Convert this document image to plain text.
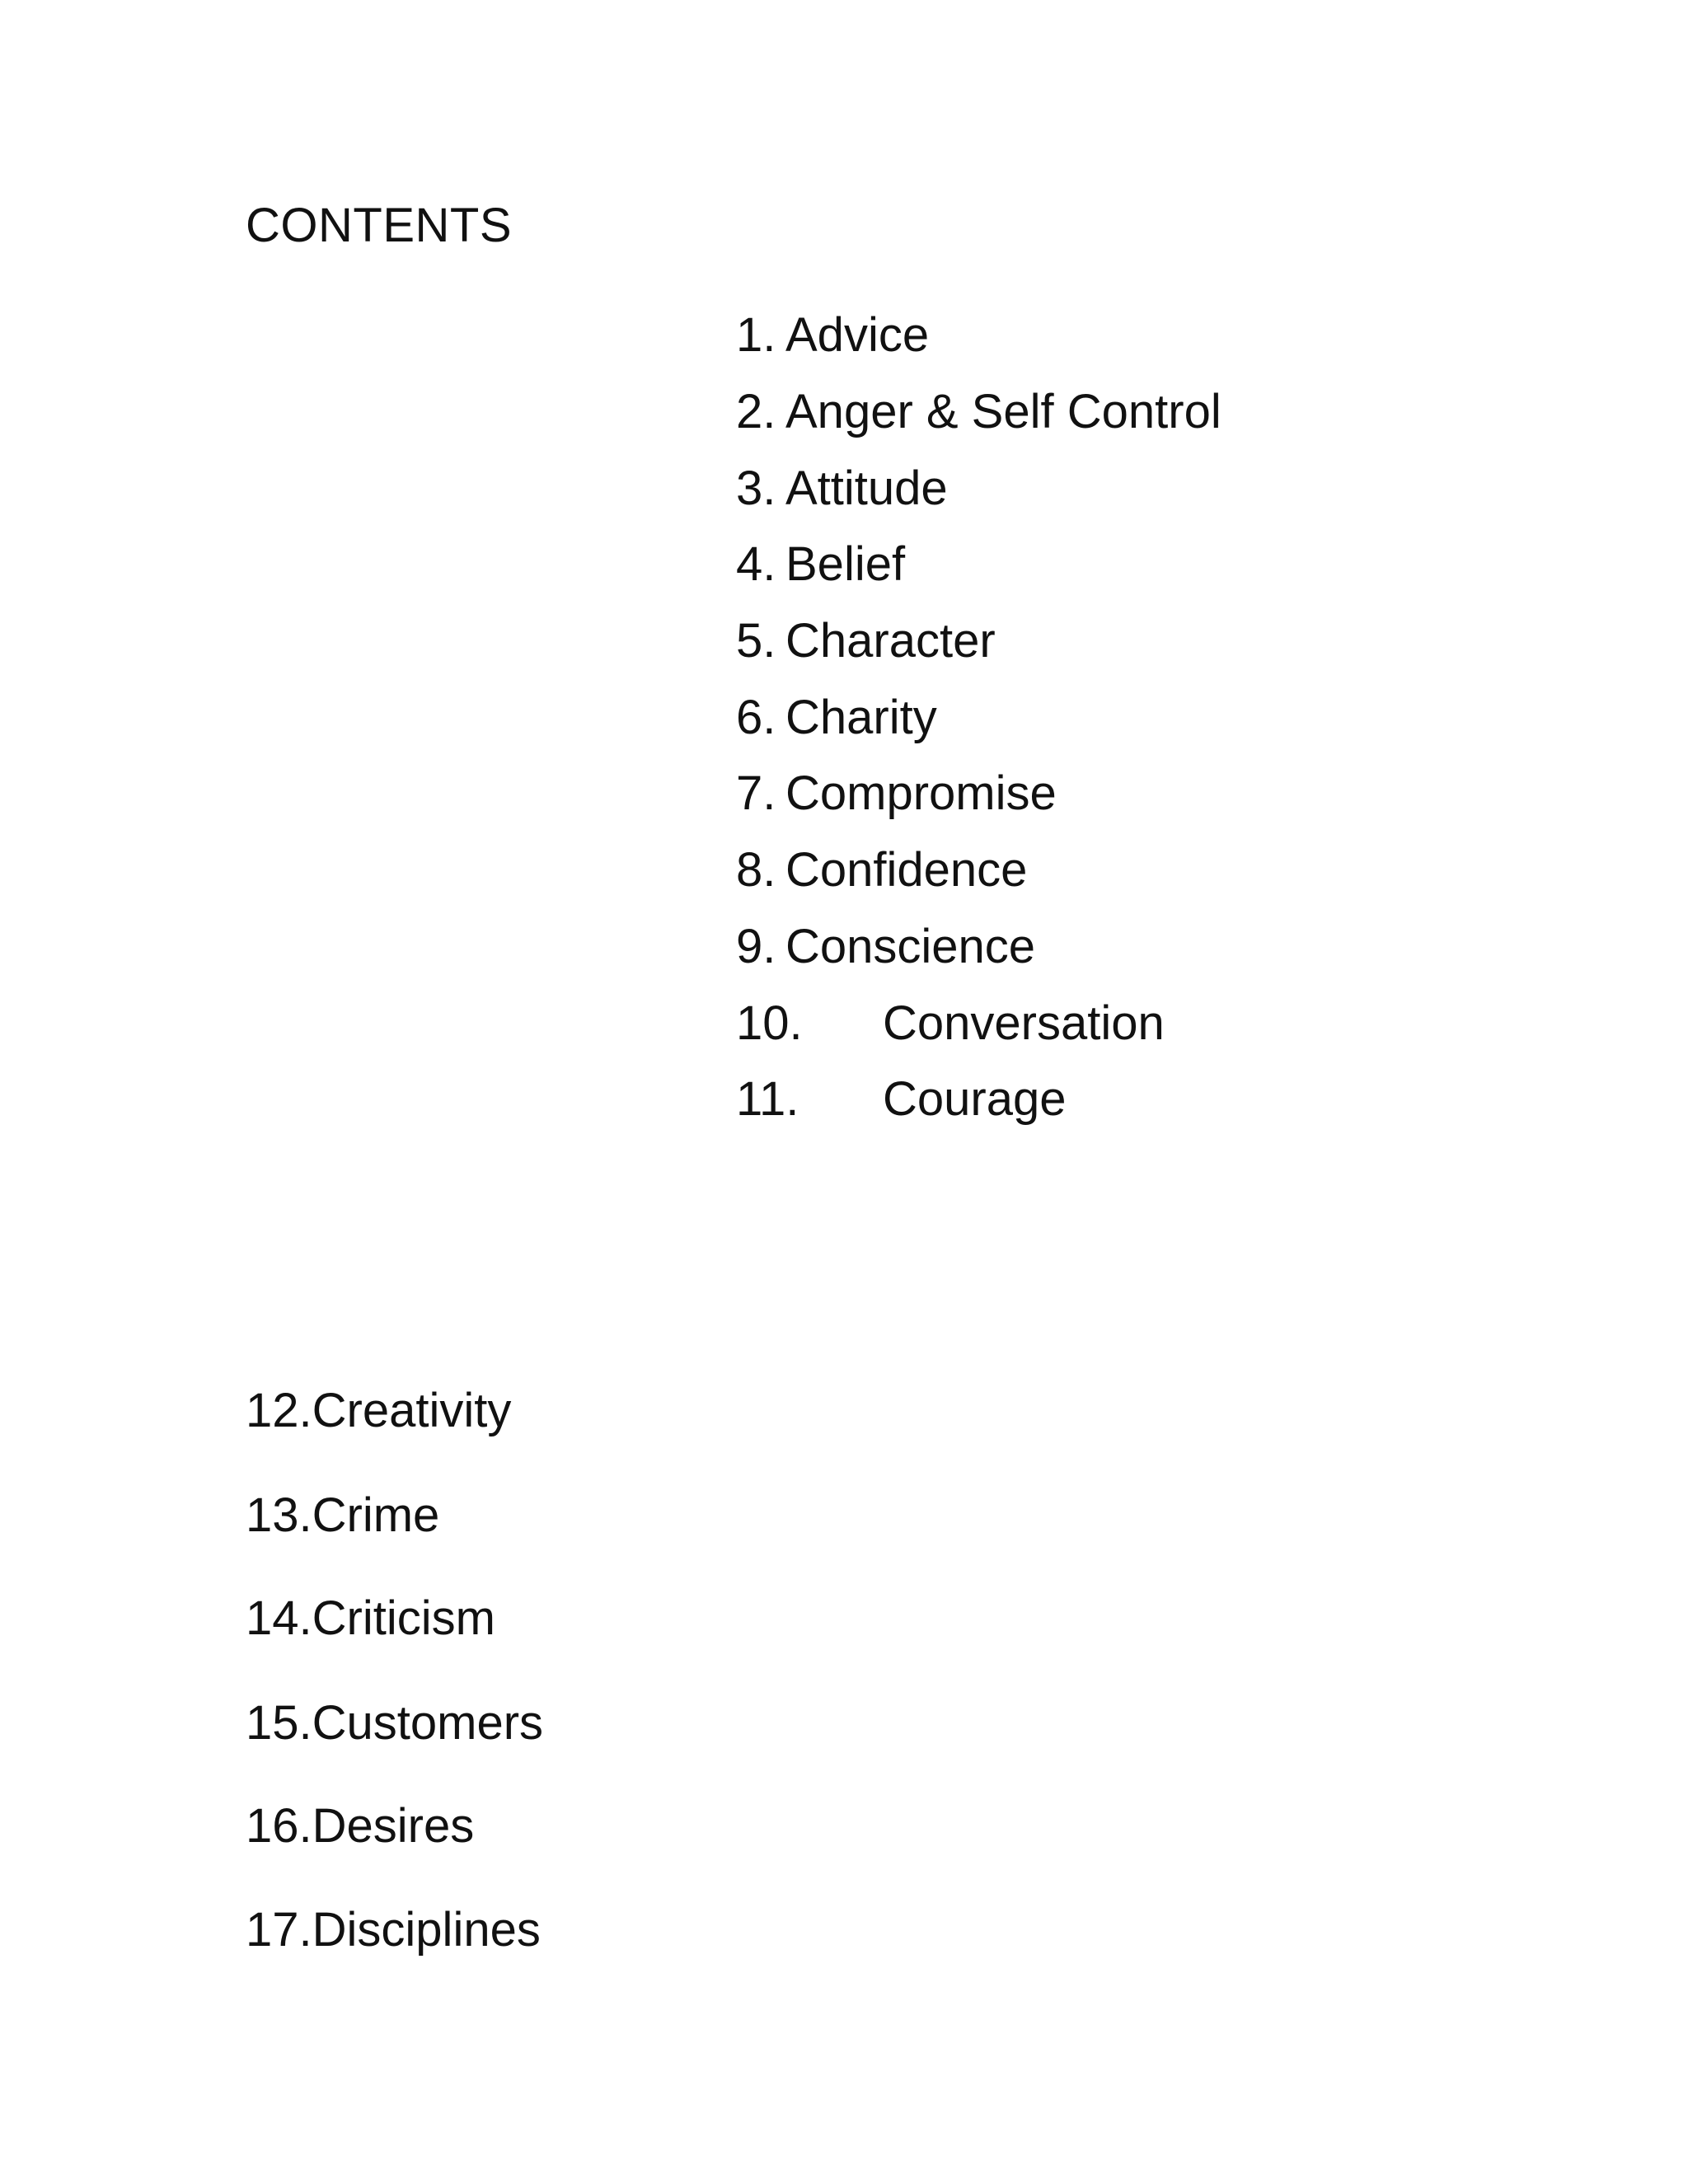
CONTENTS
1. Advice
2. Anger & Self Control
3. Attitude
4. Belief
5. Character
6. Charity
7. Compromise
8. Confidence
9. Conscience
10. Conversation
11. Courage
12.Creativity
13.Crime
14.Criticism
15.Customers
16.Desires
17.Disciplines
